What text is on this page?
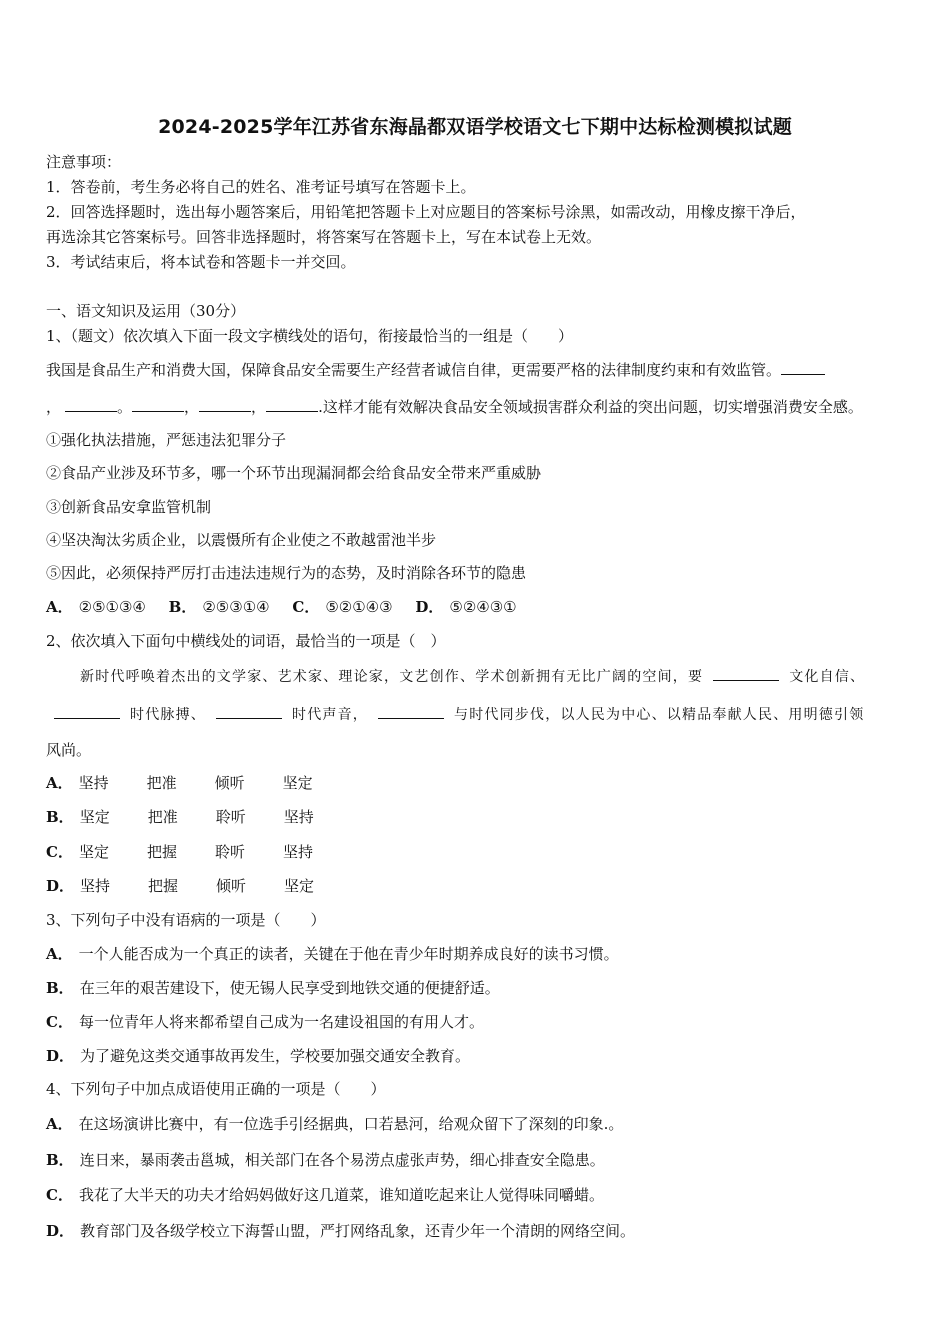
2024-2025学年江苏省东海晶都双语学校语文七下期中达标检测模拟试题
注意事项：
1．答卷前，考生务必将自己的姓名、准考证号填写在答题卡上。
2．回答选择题时，选出每小题答案后，用铅笔把答题卡上对应题目的答案标号涂黑，如需改动，用橡皮擦干净后，
再选涂其它答案标号。回答非选择题时，将答案写在答题卡上，写在本试卷上无效。
3．考试结束后，将本试卷和答题卡一并交回。
一、语文知识及运用（30分）
1、（题文）依次填入下面一段文字横线处的语句，衔接最恰当的一组是（　　）
我国是食品生产和消费大国，保障食品安全需要生产经营者诚信自律，更需要严格的法律制度约束和有效监管。
，	。	，	，	.这样才能有效解决食品安全领域损害群众利益的突出问题，切实增强消费安全感。
①强化执法措施，严惩违法犯罪分子
②食品产业涉及环节多，哪一个环节出现漏洞都会给食品安全带来严重威胁
③创新食品安拿监管机制
④坚决淘汰劣质企业，以震慑所有企业使之不敢越雷池半步
⑤因此，必须保持严厉打击违法违规行为的态势，及时消除各环节的隐患
A． ②⑤①③④ B． ②⑤③①④ C． ⑤②①④③ D． ⑤②④③①
2、依次填入下面句中横线处的词语，最恰当的一项是（　）
新时代呼唤着杰出的文学家、艺术家、理论家，文艺创作、学术创新拥有无比广阔的空间，要	文化自信、
时代脉搏、	时代声音，	与时代同步伐，以人民为中心、以精品奉献人民、用明德引领
风尚。
A． 坚持	把准	倾听	坚定
B． 坚定	把准	聆听	坚持
C． 坚定	把握	聆听	坚持
D． 坚持	把握	倾听	坚定
3、下列句子中没有语病的一项是（　　）
A． 一个人能否成为一个真正的读者，关键在于他在青少年时期养成良好的读书习惯。
B． 在三年的艰苦建设下，使无锡人民享受到地铁交通的便捷舒适。
C． 每一位青年人将来都希望自己成为一名建设祖国的有用人才。
D． 为了避免这类交通事故再发生，学校要加强交通安全教育。
4、下列句子中加点成语使用正确的一项是（　　）
A． 在这场演讲比赛中，有一位选手引经据典，口若悬河，给观众留下了深刻的印象.。
B． 连日来，暴雨袭击邕城，相关部门在各个易涝点虚张声势，细心排查安全隐患。
C． 我花了大半天的功夫才给妈妈做好这几道菜，谁知道吃起来让人觉得味同嚼蜡。
D． 教育部门及各级学校立下海誓山盟，严打网络乱象，还青少年一个清朗的网络空间。
